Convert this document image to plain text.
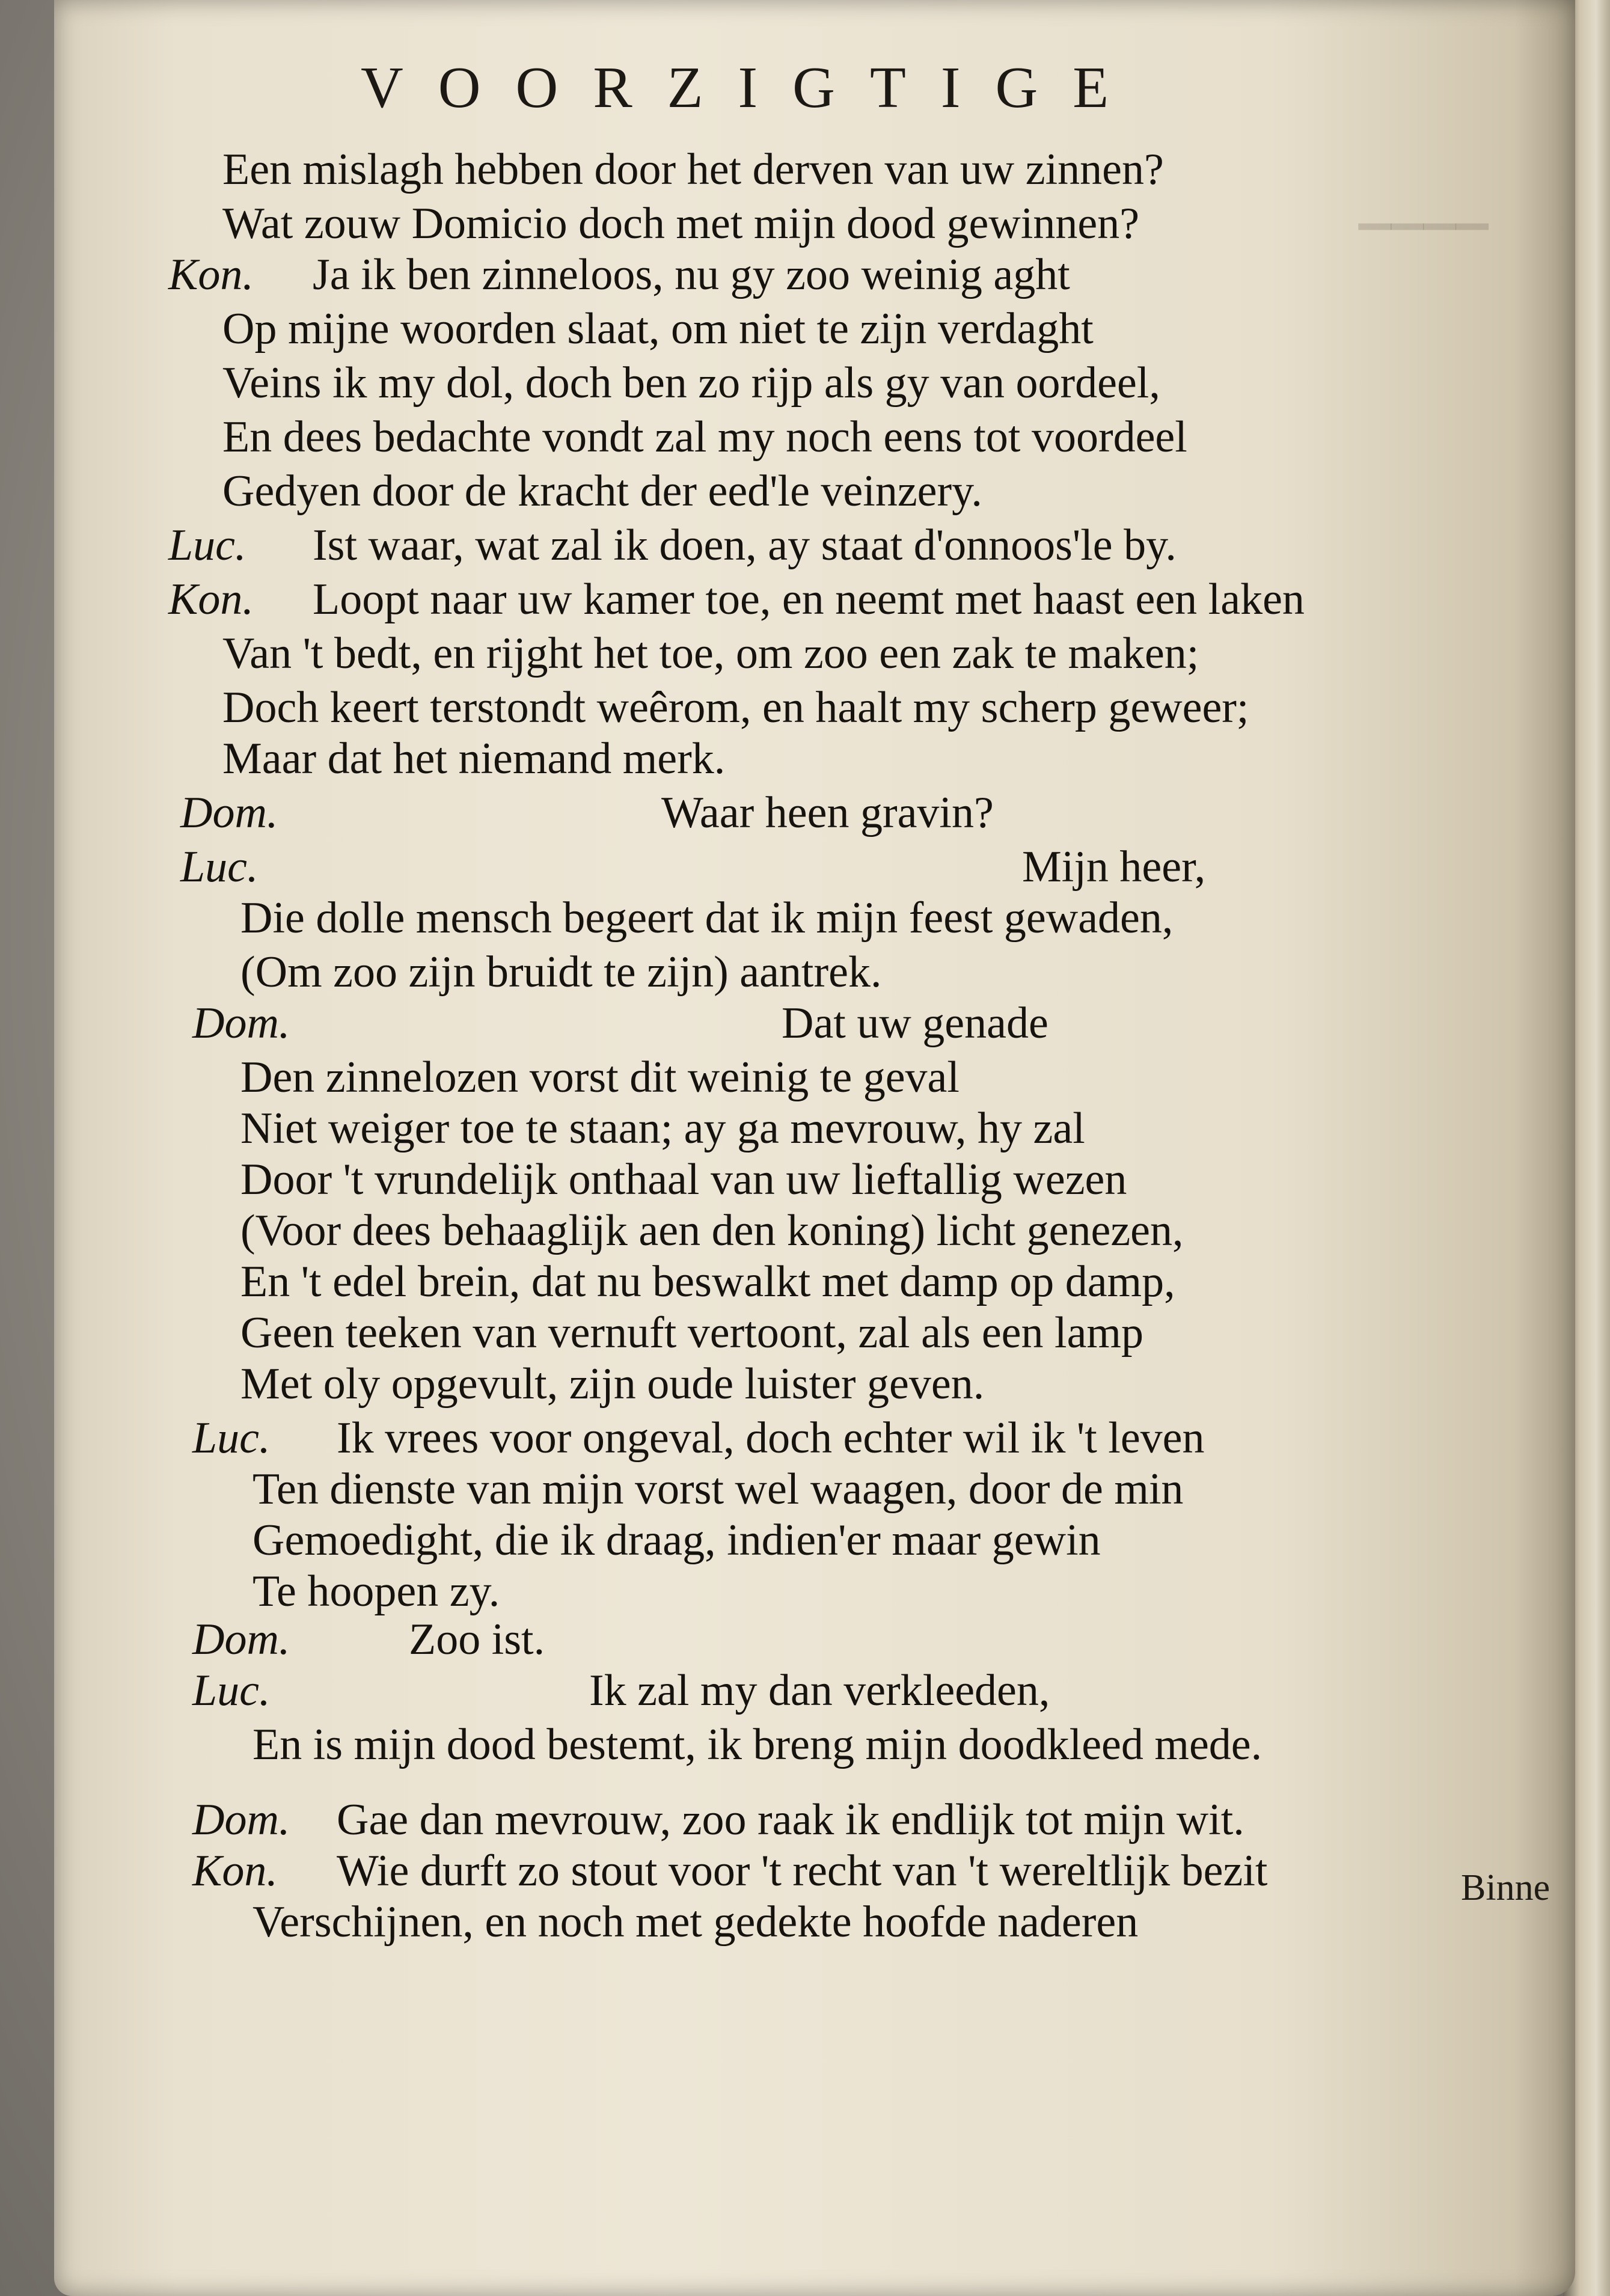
▁▁▁▁
VOORZIGTIGE
Een mislagh hebben door het derven van uw zinnen?
Wat zouw Domicio doch met mijn dood gewinnen?
Kon. Ja ik ben zinneloos, nu gy zoo weinig aght
Op mijne woorden slaat, om niet te zijn verdaght
Veins ik my dol, doch ben zo rijp als gy van oordeel,
En dees bedachte vondt zal my noch eens tot voordeel
Gedyen door de kracht der eed'le veinzery.
Luc. Ist waar, wat zal ik doen, ay staat d'onnoos'le by.
Kon. Loopt naar uw kamer toe, en neemt met haast een laken
Van 't bedt, en rijght het toe, om zoo een zak te maken;
Doch keert terstondt weêrom, en haalt my scherp geweer;
Maar dat het niemand merk.
Dom.	Waar heen gravin?
Luc.	Mijn heer,
Die dolle mensch begeert dat ik mijn feest gewaden,
(Om zoo zijn bruidt te zijn) aantrek.
Dom.	Dat uw genade
Den zinnelozen vorst dit weinig te geval
Niet weiger toe te staan; ay ga mevrouw, hy zal
Door 't vrundelijk onthaal van uw lieftallig wezen
(Voor dees behaaglijk aen den koning) licht genezen,
En 't edel brein, dat nu beswalkt met damp op damp,
Geen teeken van vernuft vertoont, zal als een lamp
Met oly opgevult, zijn oude luister geven.
Luc. Ik vrees voor ongeval, doch echter wil ik 't leven
Ten dienste van mijn vorst wel waagen, door de min
Gemoedight, die ik draag, indien'er maar gewin
Te hoopen zy.
Dom.	Zoo ist.
Luc.	Ik zal my dan verkleeden,
En is mijn dood bestemt, ik breng mijn doodkleed mede.
Dom. Gae dan mevrouw, zoo raak ik endlijk tot mijn wit.
Kon. Wie durft zo stout voor 't recht van 't wereltlijk bezit
Verschijnen, en noch met gedekte hoofde naderen
Binne
